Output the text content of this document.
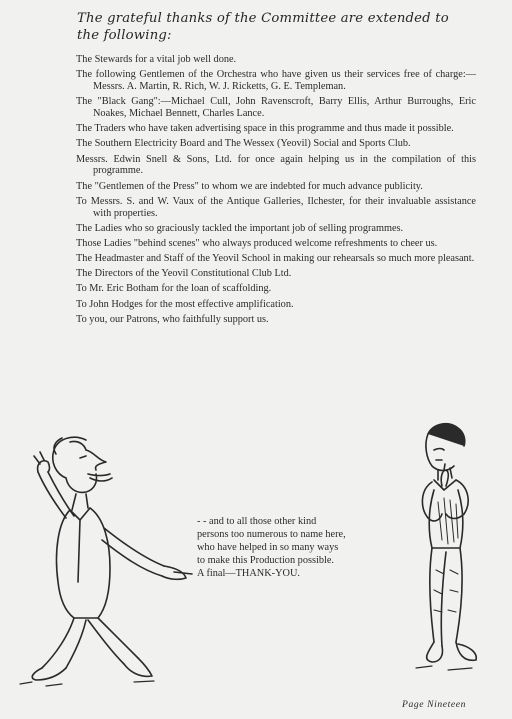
The grateful thanks of the Committee are extended to the following:
The Stewards for a vital job well done.
The following Gentlemen of the Orchestra who have given us their services free of charge:—Messrs. A. Martin, R. Rich, W. J. Ricketts, G. E. Templeman.
The "Black Gang":—Michael Cull, John Ravenscroft, Barry Ellis, Arthur Burroughs, Eric Noakes, Michael Bennett, Charles Lance.
The Traders who have taken advertising space in this programme and thus made it possible.
The Southern Electricity Board and The Wessex (Yeovil) Social and Sports Club.
Messrs. Edwin Snell & Sons, Ltd. for once again helping us in the compilation of this programme.
The "Gentlemen of the Press" to whom we are indebted for much advance publicity.
To Messrs. S. and W. Vaux of the Antique Galleries, Ilchester, for their invaluable assistance with properties.
The Ladies who so graciously tackled the important job of selling programmes.
Those Ladies "behind scenes" who always produced welcome refreshments to cheer us.
The Headmaster and Staff of the Yeovil School in making our rehearsals so much more pleasant.
The Directors of the Yeovil Constitutional Club Ltd.
To Mr. Eric Botham for the loan of scaffolding.
To John Hodges for the most effective amplification.
To you, our Patrons, who faithfully support us.
- - and to all those other kind
persons too numerous to name here,
who have helped in so many ways
to make this Production possible.
A final—THANK-YOU.
Page Nineteen
